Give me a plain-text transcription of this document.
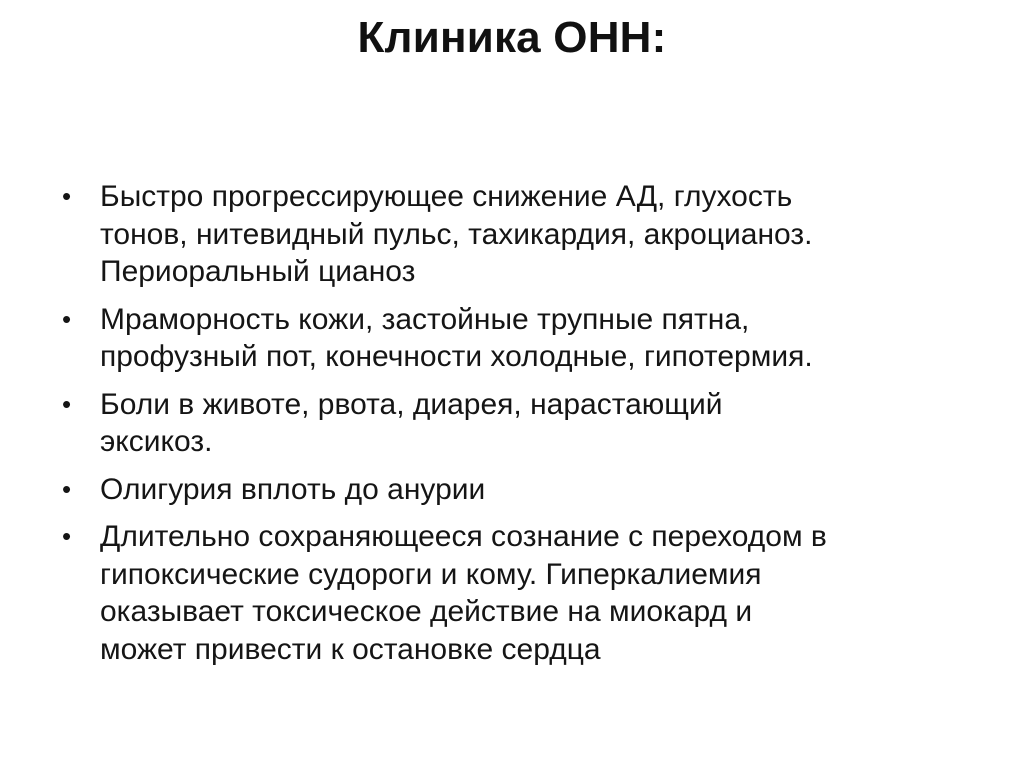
Клиника ОНН:
• Быстро прогрессирующее снижение АД, глухость
тонов, нитевидный пульс, тахикардия, акроцианоз.
Периоральный цианоз
• Мраморность кожи, застойные трупные пятна,
профузный пот, конечности холодные, гипотермия.
• Боли в животе, рвота, диарея, нарастающий
эксикоз.
• Олигурия вплоть до анурии
• Длительно сохраняющееся сознание с переходом в
гипоксические судороги и кому. Гиперкалиемия
оказывает токсическое действие на миокард и
может привести к остановке сердца
